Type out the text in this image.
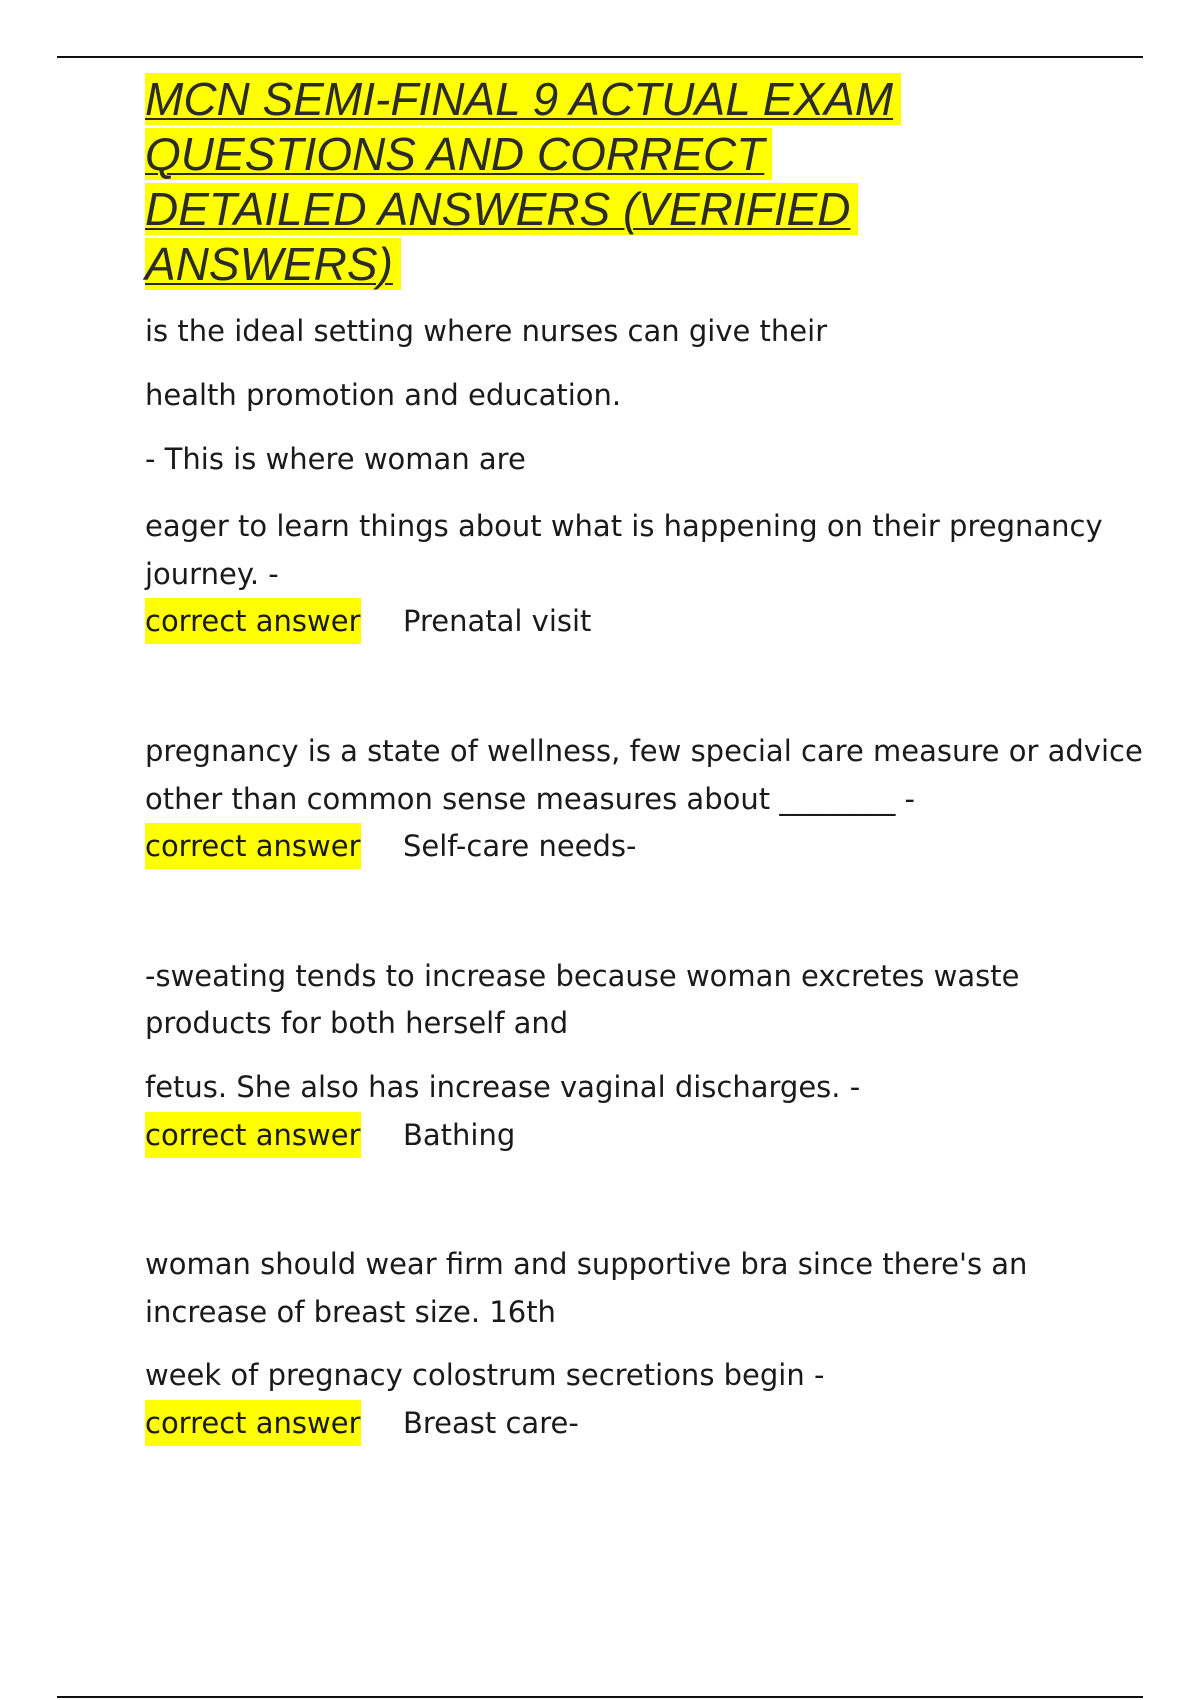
MCN SEMI-FINAL 9 ACTUAL EXAM
QUESTIONS AND CORRECT
DETAILED ANSWERS (VERIFIED
ANSWERS)

is the ideal setting where nurses can give their

health promotion and education.

- This is where woman are

eager to learn things about what is happening on their pregnancy

journey. -

correct answer Prenatal visit

pregnancy is a state of wellness, few special care measure or advice

other than common sense measures about ________ -

correct answer Self-care needs-

-sweating tends to increase because woman excretes waste

products for both herself and

fetus. She also has increase vaginal discharges. -

correct answer Bathing

woman should wear firm and supportive bra since there's an

increase of breast size. 16th

week of pregnacy colostrum secretions begin -

correct answer Breast care-
